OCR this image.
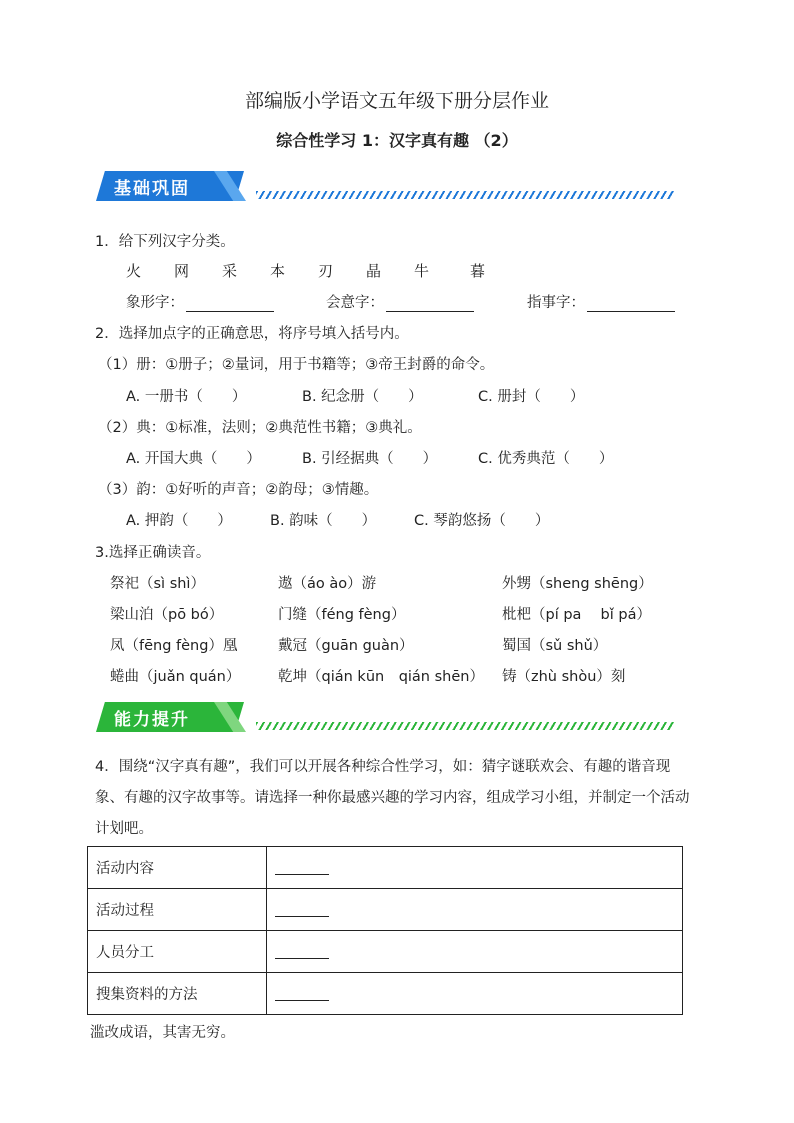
部编版小学语文五年级下册分层作业
综合性学习 1：汉字真有趣 （2）
基础巩固
1．给下列汉字分类。
火 网 采 本 刃 晶 牛	暮
象形字：	会意字：	指事字：
2．选择加点字的正确意思，将序号填入括号内。
（1）册：①册子；②量词，用于书籍等；③帝王封爵的命令。
A. 一册书（　　）	B. 纪念册（　　）	C. 册封（　　）
（2）典：①标准，法则；②典范性书籍；③典礼。
A. 开国大典（　　）	B. 引经据典（　　）	C. 优秀典范（　　）
（3）韵：①好听的声音；②韵母；③情趣。
A. 押韵（　　）	B. 韵味（　　）	C. 琴韵悠扬（　　）
3.选择正确读音。
祭祀（sì shì）	遨（áo ào）游	外甥（sheng shēng）
梁山泊（pō bó）	门缝（féng fèng）	枇杷（pí pa　 bǐ pá）
凤（fēng fèng）凰	戴冠（guān guàn）	蜀国（sǔ shǔ）
蜷曲（juǎn quán）	乾坤（qián kūn　qián shēn） 铸（zhù shòu）刻
能力提升
4．围绕“汉字真有趣”，我们可以开展各种综合性学习，如：猜字谜联欢会、有趣的谐音现象、有趣的汉字故事等。请选择一种你最感兴趣的学习内容，组成学习小组，并制定一个活动计划吧。
活动内容	
活动过程	
人员分工	
搜集资料的方法	
滥改成语，其害无穷。
